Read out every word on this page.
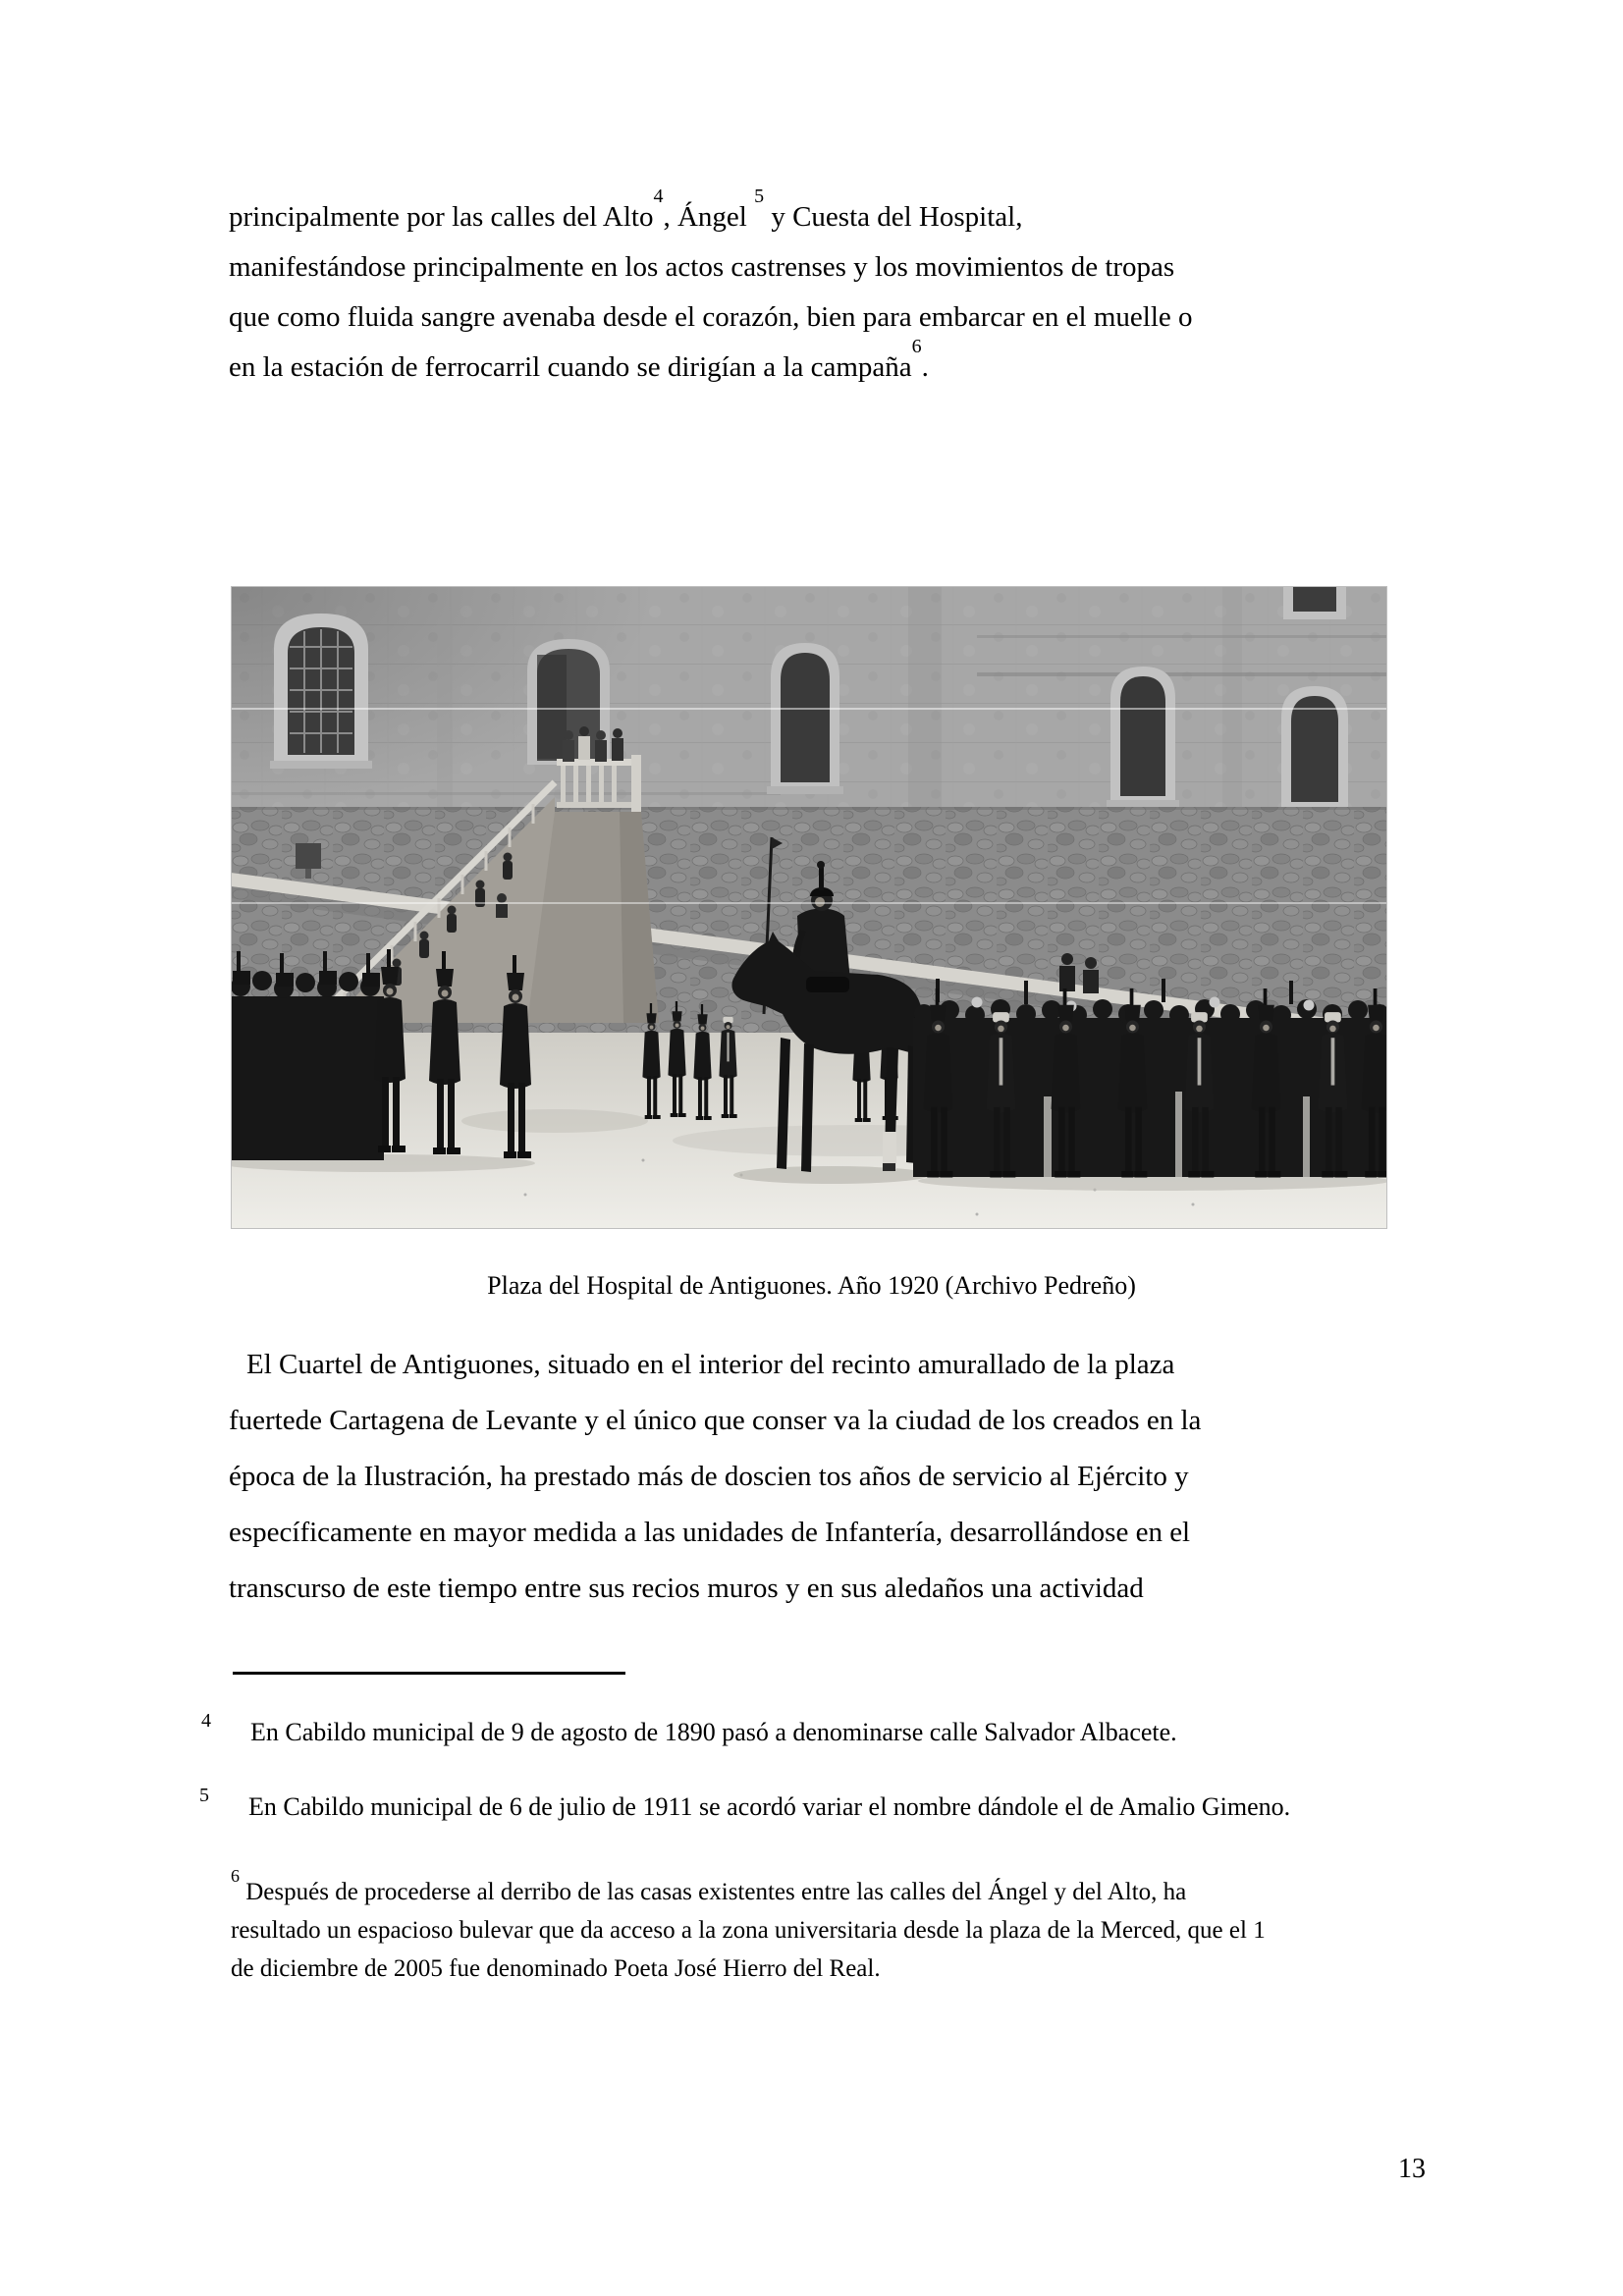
principalmente por las calles del Alto$^4$, Ángel $^5$ y Cuesta del Hospital,
manifestándose principalmente en los actos castrenses y los movimientos de tropas
que como fluida sangre avenaba desde el corazón, bien para embarcar en el muelle o
en la estación de ferrocarril cuando se dirigían a la campaña$^6$.
Plaza del Hospital de Antiguones. Año 1920 (Archivo Pedreño)
El Cuartel de Antiguones, situado en el interior del recinto amurallado de la plaza
fuertede Cartagena de Levante y el único que conser va la ciudad de los creados en la
época de la Ilustración, ha prestado más de doscien tos años de servicio al Ejército y
específicamente en mayor medida a las unidades de Infantería, desarrollándose en el
transcurso de este tiempo entre sus recios muros y en sus aledaños una actividad
4 En Cabildo municipal de 9 de agosto de 1890 pasó a denominarse calle Salvador Albacete.
5 En Cabildo municipal de 6 de julio de 1911 se acordó variar el nombre dándole el de Amalio Gimeno.
$^6$ Después de procederse al derribo de las casas existentes entre las calles del Ángel y del Alto, ha
resultado un espacioso bulevar que da acceso a la zona universitaria desde la plaza de la Merced, que el 1
de diciembre de 2005 fue denominado Poeta José Hierro del Real.
13
